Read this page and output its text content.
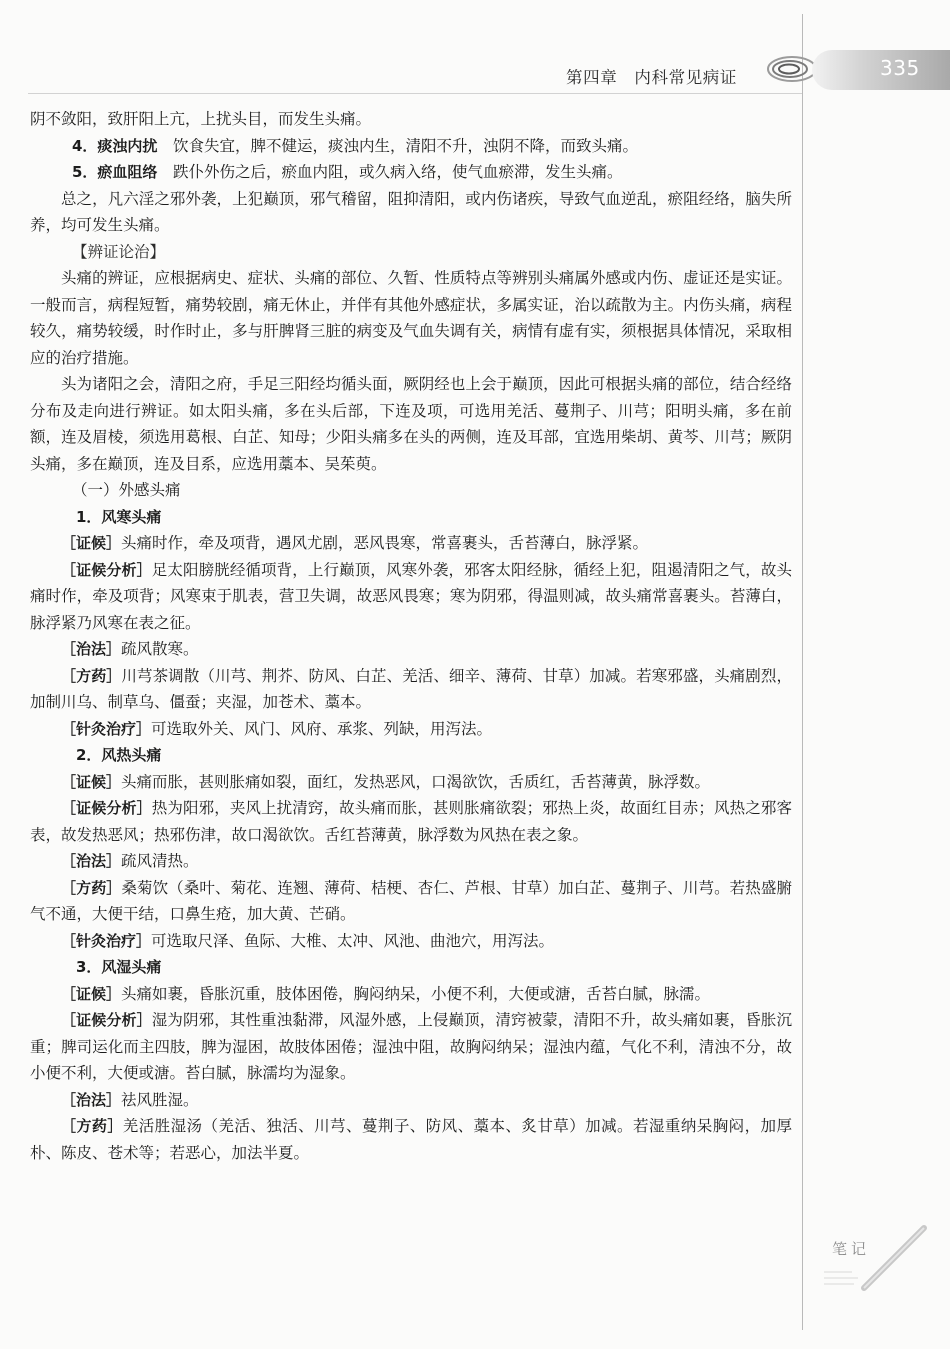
第四章　内科常见病证	335

阴不敛阳，致肝阳上亢，上扰头目，而发生头痛。

4．痰浊内扰　饮食失宜，脾不健运，痰浊内生，清阳不升，浊阴不降，而致头痛。

5．瘀血阻络　跌仆外伤之后，瘀血内阻，或久病入络，使气血瘀滞，发生头痛。

总之，凡六淫之邪外袭，上犯巅顶，邪气稽留，阻抑清阳，或内伤诸疾，导致气血逆乱，瘀阻经络，脑失所养，均可发生头痛。

【辨证论治】

头痛的辨证，应根据病史、症状、头痛的部位、久暂、性质特点等辨别头痛属外感或内伤、虚证还是实证。一般而言，病程短暂，痛势较剧，痛无休止，并伴有其他外感症状，多属实证，治以疏散为主。内伤头痛，病程较久，痛势较缓，时作时止，多与肝脾肾三脏的病变及气血失调有关，病情有虚有实，须根据具体情况，采取相应的治疗措施。

头为诸阳之会，清阳之府，手足三阳经均循头面，厥阴经也上会于巅顶，因此可根据头痛的部位，结合经络分布及走向进行辨证。如太阳头痛，多在头后部，下连及项，可选用羌活、蔓荆子、川芎；阳明头痛，多在前额，连及眉棱，须选用葛根、白芷、知母；少阳头痛多在头的两侧，连及耳部，宜选用柴胡、黄芩、川芎；厥阴头痛，多在巅顶，连及目系，应选用藁本、吴茱萸。

（一）外感头痛

1．风寒头痛

［证候］头痛时作，牵及项背，遇风尤剧，恶风畏寒，常喜裹头，舌苔薄白，脉浮紧。

［证候分析］足太阳膀胱经循项背，上行巅顶，风寒外袭，邪客太阳经脉，循经上犯，阻遏清阳之气，故头痛时作，牵及项背；风寒束于肌表，营卫失调，故恶风畏寒；寒为阴邪，得温则减，故头痛常喜裹头。苔薄白，脉浮紧乃风寒在表之征。

［治法］疏风散寒。

［方药］川芎茶调散（川芎、荆芥、防风、白芷、羌活、细辛、薄荷、甘草）加减。若寒邪盛，头痛剧烈，加制川乌、制草乌、僵蚕；夹湿，加苍术、藁本。

［针灸治疗］可选取外关、风门、风府、承浆、列缺，用泻法。

2．风热头痛

［证候］头痛而胀，甚则胀痛如裂，面红，发热恶风，口渴欲饮，舌质红，舌苔薄黄，脉浮数。

［证候分析］热为阳邪，夹风上扰清窍，故头痛而胀，甚则胀痛欲裂；邪热上炎，故面红目赤；风热之邪客表，故发热恶风；热邪伤津，故口渴欲饮。舌红苔薄黄，脉浮数为风热在表之象。

［治法］疏风清热。

［方药］桑菊饮（桑叶、菊花、连翘、薄荷、桔梗、杏仁、芦根、甘草）加白芷、蔓荆子、川芎。若热盛腑气不通，大便干结，口鼻生疮，加大黄、芒硝。

［针灸治疗］可选取尺泽、鱼际、大椎、太冲、风池、曲池穴，用泻法。

3．风湿头痛

［证候］头痛如裹，昏胀沉重，肢体困倦，胸闷纳呆，小便不利，大便或溏，舌苔白腻，脉濡。

［证候分析］湿为阴邪，其性重浊黏滞，风湿外感，上侵巅顶，清窍被蒙，清阳不升，故头痛如裹，昏胀沉重；脾司运化而主四肢，脾为湿困，故肢体困倦；湿浊中阻，故胸闷纳呆；湿浊内蕴，气化不利，清浊不分，故小便不利，大便或溏。苔白腻，脉濡均为湿象。

［治法］祛风胜湿。

［方药］羌活胜湿汤（羌活、独活、川芎、蔓荆子、防风、藁本、炙甘草）加减。若湿重纳呆胸闷，加厚朴、陈皮、苍术等；若恶心，加法半夏。

笔记
